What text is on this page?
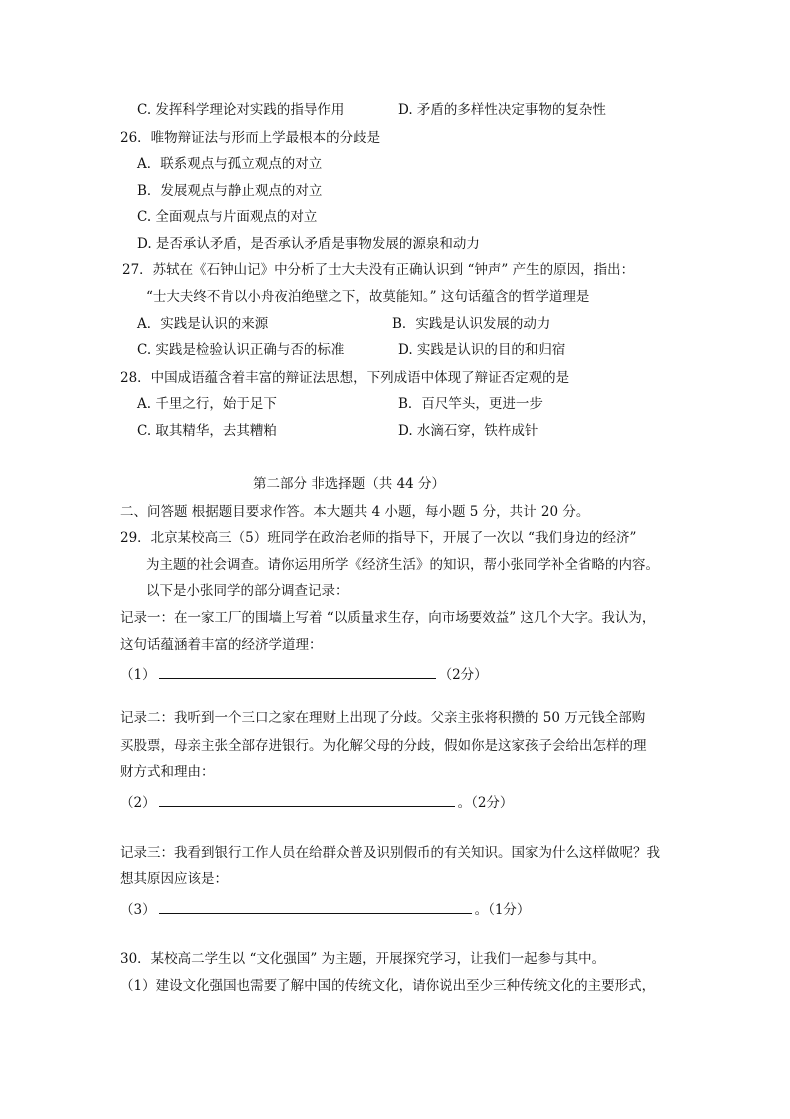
C. 发挥科学理论对实践的指导作用	D. 矛盾的多样性决定事物的复杂性
26．唯物辩证法与形而上学最根本的分歧是
A．联系观点与孤立观点的对立
B．发展观点与静止观点的对立
C. 全面观点与片面观点的对立
D. 是否承认矛盾，是否承认矛盾是事物发展的源泉和动力
27．苏轼在《石钟山记》中分析了士大夫没有正确认识到 “钟声” 产生的原因，指出：
“士大夫终不肯以小舟夜泊绝壁之下，故莫能知。” 这句话蕴含的哲学道理是
A．实践是认识的来源	B．实践是认识发展的动力
C. 实践是检验认识正确与否的标准	D. 实践是认识的目的和归宿
28．中国成语蕴含着丰富的辩证法思想，下列成语中体现了辩证否定观的是
A. 千里之行，始于足下	B．百尺竿头，更进一步
C. 取其精华，去其糟粕	D. 水滴石穿，铁杵成针
第二部分 非选择题（共 44 分）
二、问答题 根据题目要求作答。本大题共 4 小题，每小题 5 分，共计 20 分。
29．北京某校高三（5）班同学在政治老师的指导下，开展了一次以 “我们身边的经济”
为主题的社会调查。请你运用所学《经济生活》的知识，帮小张同学补全省略的内容。
以下是小张同学的部分调查记录：
记录一：在一家工厂的围墙上写着 “以质量求生存，向市场要效益” 这几个大字。我认为，
这句话蕴涵着丰富的经济学道理：
（1）	（2分）
记录二：我听到一个三口之家在理财上出现了分歧。父亲主张将积攒的 50 万元钱全部购
买股票，母亲主张全部存进银行。为化解父母的分歧，假如你是这家孩子会给出怎样的理
财方式和理由：
（2）	。（2分）
记录三：我看到银行工作人员在给群众普及识别假币的有关知识。国家为什么这样做呢？我
想其原因应该是：
（3）	。（1分）
30．某校高二学生以 “文化强国” 为主题，开展探究学习，让我们一起参与其中。
（1）建设文化强国也需要了解中国的传统文化，请你说出至少三种传统文化的主要形式，
